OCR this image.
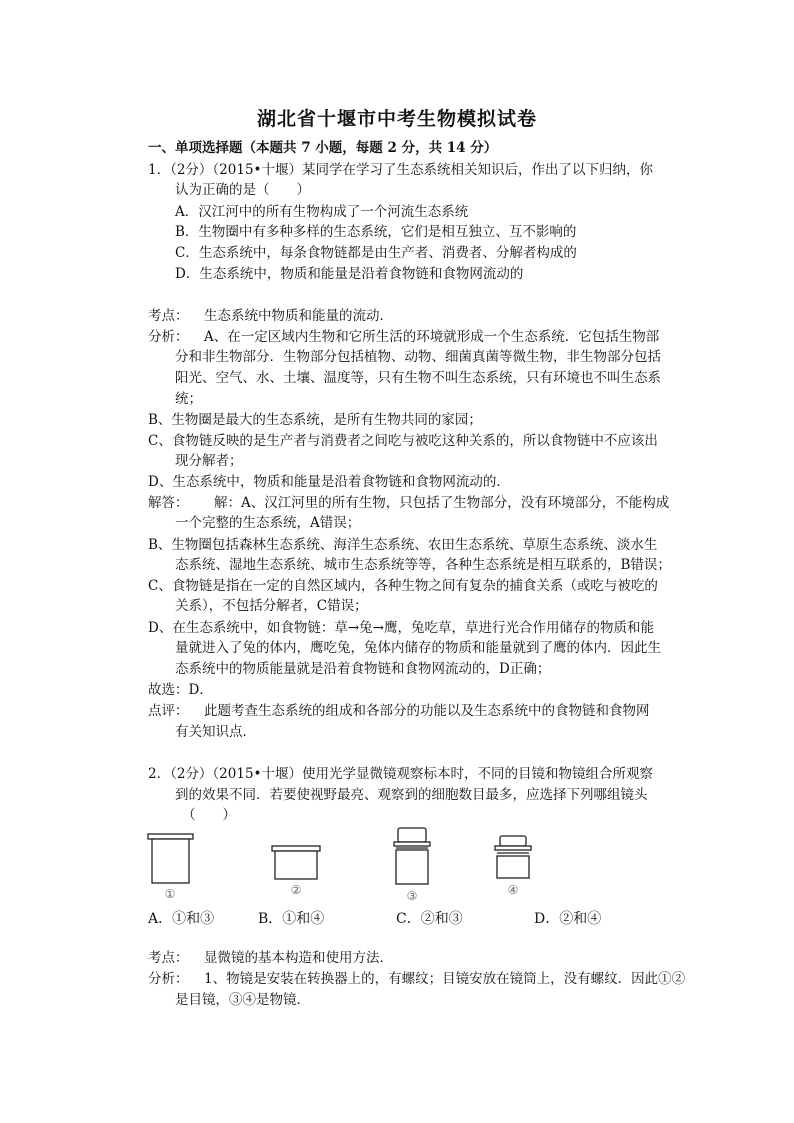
湖北省十堰市中考生物模拟试卷
一、单项选择题（本题共 7 小题，每题 2 分，共 14 分）
1．（2分）（2015•十堰）某同学在学习了生态系统相关知识后，作出了以下归纳，你
认为正确的是（　　）
A．汉江河中的所有生物构成了一个河流生态系统
B．生物圈中有多种多样的生态系统，它们是相互独立、互不影响的
C．生态系统中，每条食物链都是由生产者、消费者、分解者构成的
D．生态系统中，物质和能量是沿着食物链和食物网流动的
考点： 生态系统中物质和能量的流动．
分析： A、在一定区域内生物和它所生活的环境就形成一个生态系统．它包括生物部
分和非生物部分．生物部分包括植物、动物、细菌真菌等微生物，非生物部分包括
阳光、空气、水、土壤、温度等，只有生物不叫生态系统，只有环境也不叫生态系
统；
B、生物圈是最大的生态系统，是所有生物共同的家园；
C、食物链反映的是生产者与消费者之间吃与被吃这种关系的，所以食物链中不应该出
现分解者；
D、生态系统中，物质和能量是沿着食物链和食物网流动的．
解答： 解：A、汉江河里的所有生物，只包括了生物部分，没有环境部分，不能构成
一个完整的生态系统，A错误；
B、生物圈包括森林生态系统、海洋生态系统、农田生态系统、草原生态系统、淡水生
态系统、湿地生态系统、城市生态系统等等，各种生态系统是相互联系的，B错误；
C、食物链是指在一定的自然区域内，各种生物之间有复杂的捕食关系（或吃与被吃的
关系），不包括分解者，C错误；
D、在生态系统中，如食物链：草→兔→鹰，兔吃草，草进行光合作用储存的物质和能
量就进入了兔的体内，鹰吃兔，兔体内储存的物质和能量就到了鹰的体内．因此生
态系统中的物质能量就是沿着食物链和食物网流动的，D正确；
故选：D．
点评： 此题考查生态系统的组成和各部分的功能以及生态系统中的食物链和食物网
有关知识点．
2．（2分）（2015•十堰）使用光学显微镜观察标本时，不同的目镜和物镜组合所观察
到的效果不同．若要使视野最亮、观察到的细胞数目最多，应选择下列哪组镜头
（　　）
①	②	③	④
A．①和③	B．①和④	C．②和③	D．②和④
考点： 显微镜的基本构造和使用方法．
分析： 1、物镜是安装在转换器上的，有螺纹；目镜安放在镜筒上，没有螺纹．因此①②
是目镜，③④是物镜．
